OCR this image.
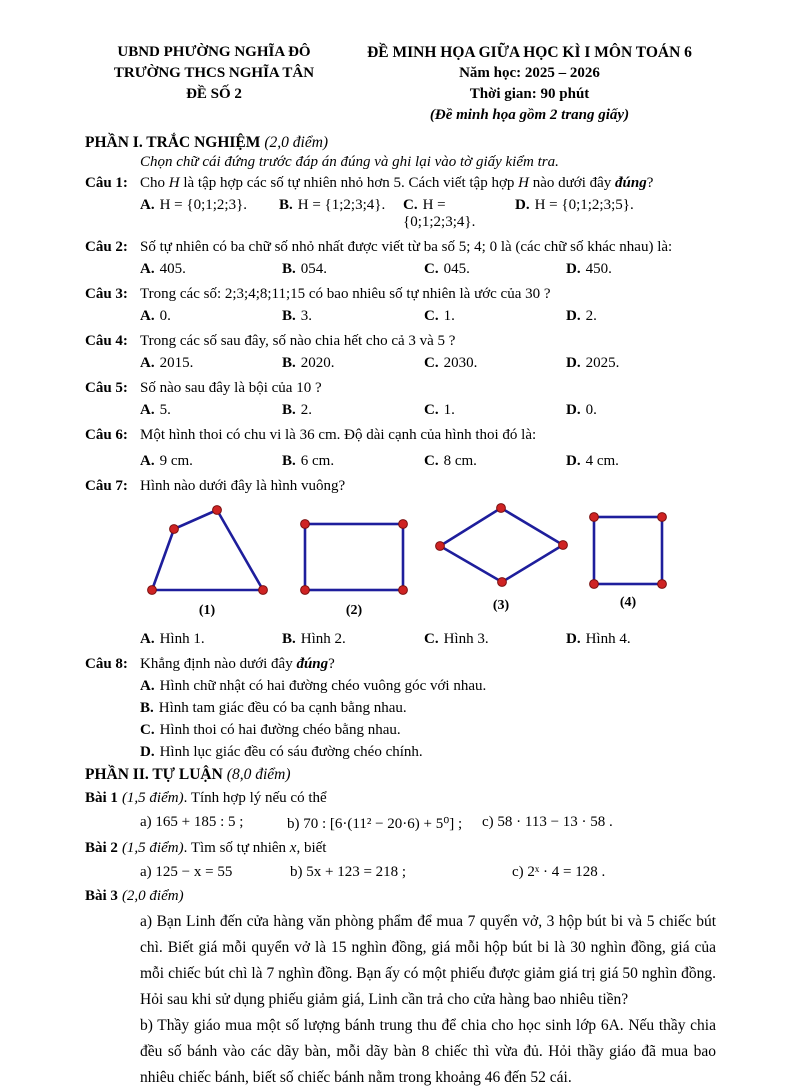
UBND PHƯỜNG NGHĨA ĐÔ
TRƯỜNG THCS NGHĨA TÂN
ĐỀ SỐ 2
ĐỀ MINH HỌA GIỮA HỌC KÌ I MÔN TOÁN 6
Năm học: 2025 – 2026
Thời gian: 90 phút
(Đề minh họa gồm 2 trang giấy)
PHẦN I. TRẮC NGHIỆM (2,0 điểm)
Chọn chữ cái đứng trước đáp án đúng và ghi lại vào tờ giấy kiểm tra.
Câu 1: Cho H là tập hợp các số tự nhiên nhỏ hơn 5. Cách viết tập hợp H nào dưới đây đúng?
A. H = {0;1;2;3}.	B. H = {1;2;3;4}.	C. H = {0;1;2;3;4}.
D. H = {0;1;2;3;5}.
Câu 2: Số tự nhiên có ba chữ số nhỏ nhất được viết từ ba số 5; 4; 0 là (các chữ số khác nhau) là:
A. 405.	B. 054.	C. 045.	D. 450.
Câu 3: Trong các số: 2;3;4;8;11;15 có bao nhiêu số tự nhiên là ước của 30 ?
A. 0.	B. 3.	C. 1.	D. 2.
Câu 4: Trong các số sau đây, số nào chia hết cho cả 3 và 5 ?
A. 2015.	B. 2020.	C. 2030.	D. 2025.
Câu 5: Số nào sau đây là bội của 10 ?
A. 5.	B. 2.	C. 1.	D. 0.
Câu 6: Một hình thoi có chu vi là 36 cm. Độ dài cạnh của hình thoi đó là:
A. 9 cm.	B. 6 cm.	C. 8 cm.	D. 4 cm.
Câu 7: Hình nào dưới đây là hình vuông?
(1)	(2)	(3)	(4)
A. Hình 1.	B. Hình 2.	C. Hình 3.	D. Hình 4.
Câu 8: Khẳng định nào dưới đây đúng?
A. Hình chữ nhật có hai đường chéo vuông góc với nhau.
B. Hình tam giác đều có ba cạnh bằng nhau.
C. Hình thoi có hai đường chéo bằng nhau.
D. Hình lục giác đều có sáu đường chéo chính.
PHẦN II. TỰ LUẬN (8,0 điểm)
Bài 1 (1,5 điểm). Tính hợp lý nếu có thể
a) 165 + 185 : 5 ;	b) 70 : [6·(11² − 20·6) + 5⁰] ;	c) 58 · 113 − 13 · 58 .
Bài 2 (1,5 điểm). Tìm số tự nhiên x, biết
a) 125 − x = 55	b) 5x + 123 = 218 ;	c) 2ˣ · 4 = 128 .
Bài 3 (2,0 điểm)
a) Bạn Linh đến cửa hàng văn phòng phẩm để mua 7 quyển vở, 3 hộp bút bi và 5 chiếc bút chì. Biết giá mỗi quyển vở là 15 nghìn đồng, giá mỗi hộp bút bi là 30 nghìn đồng, giá của mỗi chiếc bút chì là 7 nghìn đồng. Bạn ấy có một phiếu được giảm giá trị giá 50 nghìn đồng. Hỏi sau khi sử dụng phiếu giảm giá, Linh cần trả cho cửa hàng bao nhiêu tiền?
b) Thầy giáo mua một số lượng bánh trung thu để chia cho học sinh lớp 6A. Nếu thầy chia đều số bánh vào các dãy bàn, mỗi dãy bàn 8 chiếc thì vừa đủ. Hỏi thầy giáo đã mua bao nhiêu chiếc bánh, biết số chiếc bánh nằm trong khoảng 46 đến 52 cái.
